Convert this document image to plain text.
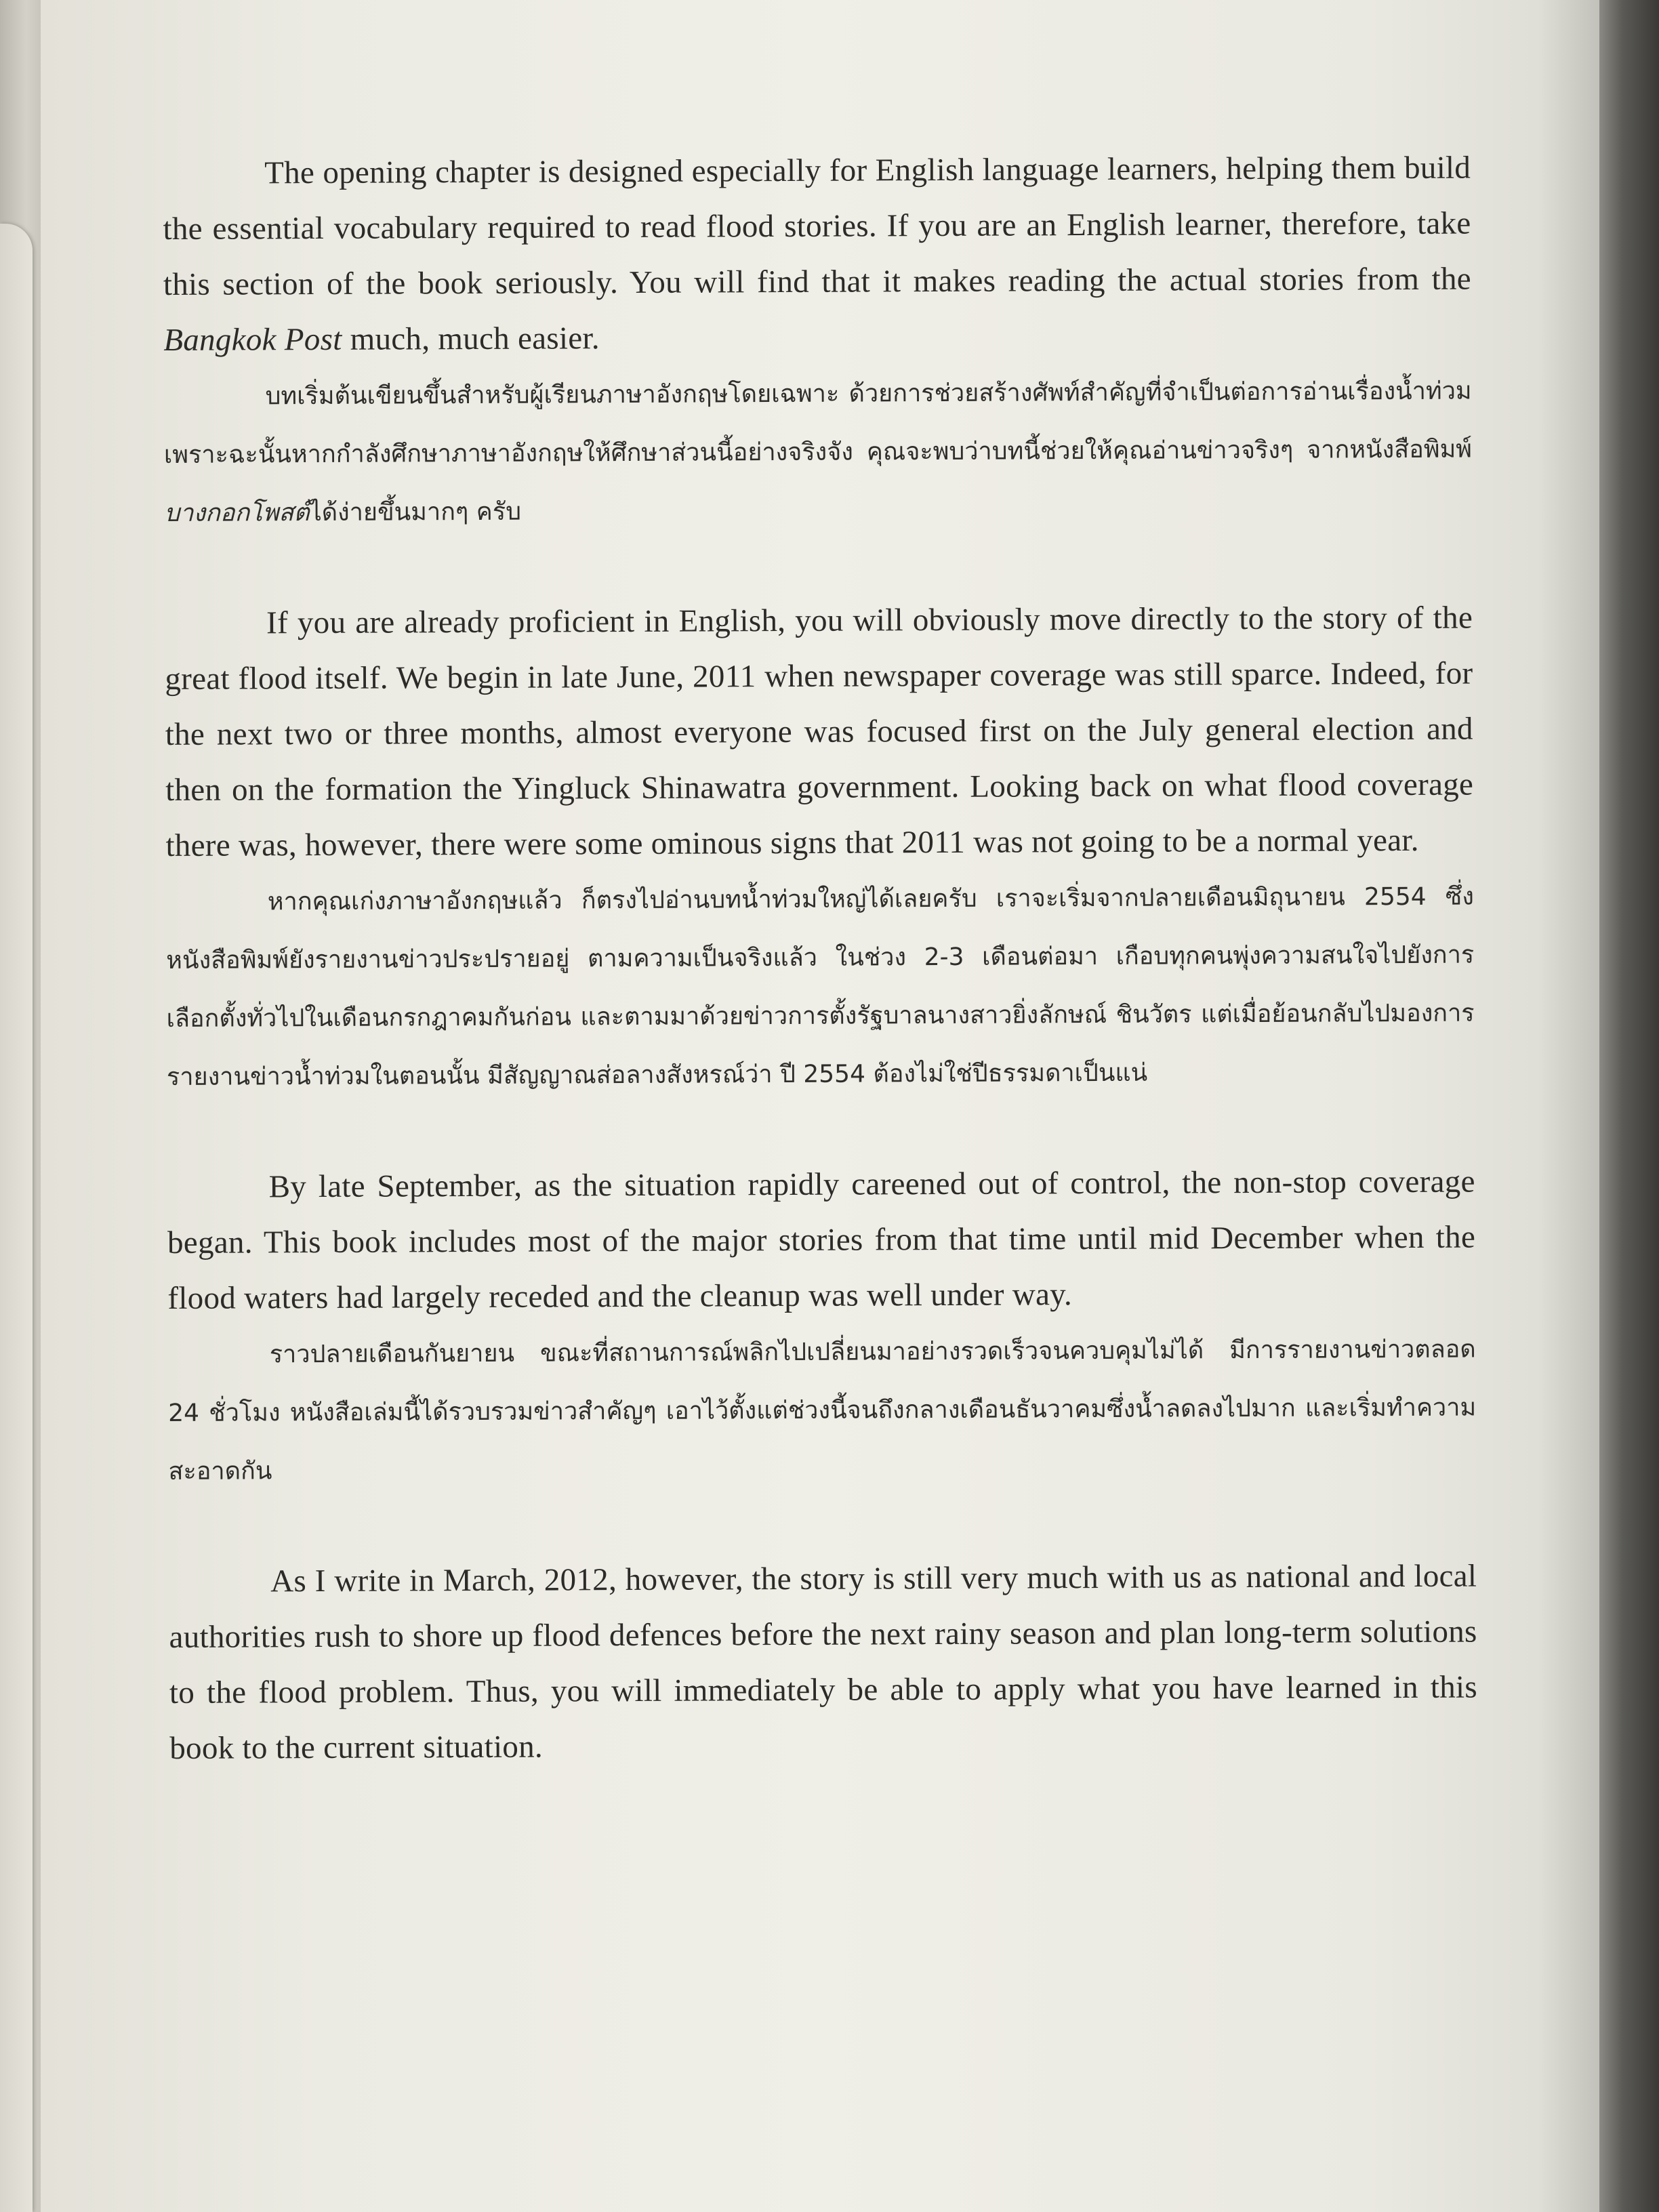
The opening chapter is designed especially for English language learners, helping them build the essential vocabulary required to read flood stories. If you are an English learner, therefore, take this section of the book seriously. You will find that it makes reading the actual stories from the Bangkok Post much, much easier.

บทเริ่มต้นเขียนขึ้นสำหรับผู้เรียนภาษาอังกฤษโดยเฉพาะ ด้วยการช่วยสร้างศัพท์สำคัญที่จำเป็นต่อการอ่านเรื่องน้ำท่วม เพราะฉะนั้นหากกำลังศึกษาภาษาอังกฤษให้ศึกษาส่วนนี้อย่างจริงจัง คุณจะพบว่าบทนี้ช่วยให้คุณอ่านข่าวจริงๆ จากหนังสือพิมพ์บางกอกโพสต์ได้ง่ายขึ้นมากๆ ครับ

If you are already proficient in English, you will obviously move directly to the story of the great flood itself. We begin in late June, 2011 when newspaper coverage was still sparce. Indeed, for the next two or three months, almost everyone was focused first on the July general election and then on the formation the Yingluck Shinawatra government. Looking back on what flood coverage there was, however, there were some ominous signs that 2011 was not going to be a normal year.

หากคุณเก่งภาษาอังกฤษแล้ว ก็ตรงไปอ่านบทน้ำท่วมใหญ่ได้เลยครับ เราจะเริ่มจากปลายเดือนมิถุนายน 2554 ซึ่งหนังสือพิมพ์ยังรายงานข่าวประปรายอยู่ ตามความเป็นจริงแล้ว ในช่วง 2-3 เดือนต่อมา เกือบทุกคนพุ่งความสนใจไปยังการเลือกตั้งทั่วไปในเดือนกรกฎาคมกันก่อน และตามมาด้วยข่าวการตั้งรัฐบาลนางสาวยิ่งลักษณ์ ชินวัตร แต่เมื่อย้อนกลับไปมองการรายงานข่าวน้ำท่วมในตอนนั้น มีสัญญาณส่อลางสังหรณ์ว่า ปี 2554 ต้องไม่ใช่ปีธรรมดาเป็นแน่

By late September, as the situation rapidly careened out of control, the non-stop coverage began. This book includes most of the major stories from that time until mid December when the flood waters had largely receded and the cleanup was well under way.

ราวปลายเดือนกันยายน ขณะที่สถานการณ์พลิกไปเปลี่ยนมาอย่างรวดเร็วจนควบคุมไม่ได้ มีการรายงานข่าวตลอด 24 ชั่วโมง หนังสือเล่มนี้ได้รวบรวมข่าวสำคัญๆ เอาไว้ตั้งแต่ช่วงนี้จนถึงกลางเดือนธันวาคมซึ่งน้ำลดลงไปมาก และเริ่มทำความสะอาดกัน

As I write in March, 2012, however, the story is still very much with us as national and local authorities rush to shore up flood defences before the next rainy season and plan long-term solutions to the flood problem. Thus, you will immediately be able to apply what you have learned in this book to the current situation.
